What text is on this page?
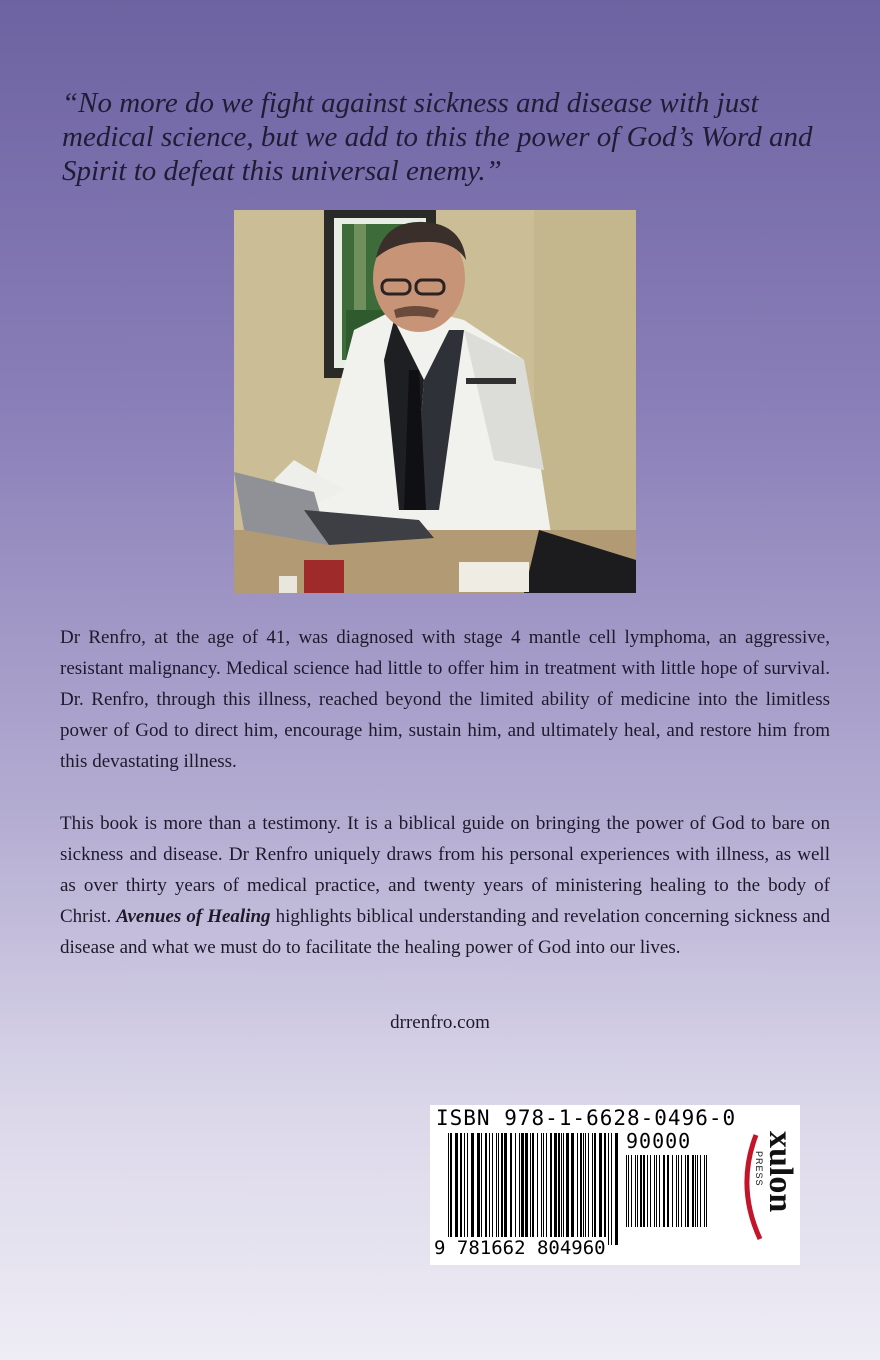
“No more do we fight against sickness and disease with just medical science, but we add to this the power of God’s Word and Spirit to defeat this universal enemy.”

Dr Renfro, at the age of 41, was diagnosed with stage 4 mantle cell lymphoma, an aggressive, resistant malignancy. Medical science had little to offer him in treatment with little hope of survival. Dr. Renfro, through this illness, reached beyond the limited ability of medicine into the limitless power of God to direct him, encourage him, sustain him, and ultimately heal, and restore him from this devastating illness.

This book is more than a testimony. It is a biblical guide on bringing the power of God to bare on sickness and disease. Dr Renfro uniquely draws from his personal experiences with illness, as well as over thirty years of medical practice, and twenty years of ministering healing to the body of Christ. Avenues of Healing highlights biblical understanding and revelation concerning sickness and disease and what we must do to facilitate the healing power of God into our lives.

drrenfro.com
ISBN 978-1-6628-0496-0
90000
9 781662 804960
xulon
PRESS
